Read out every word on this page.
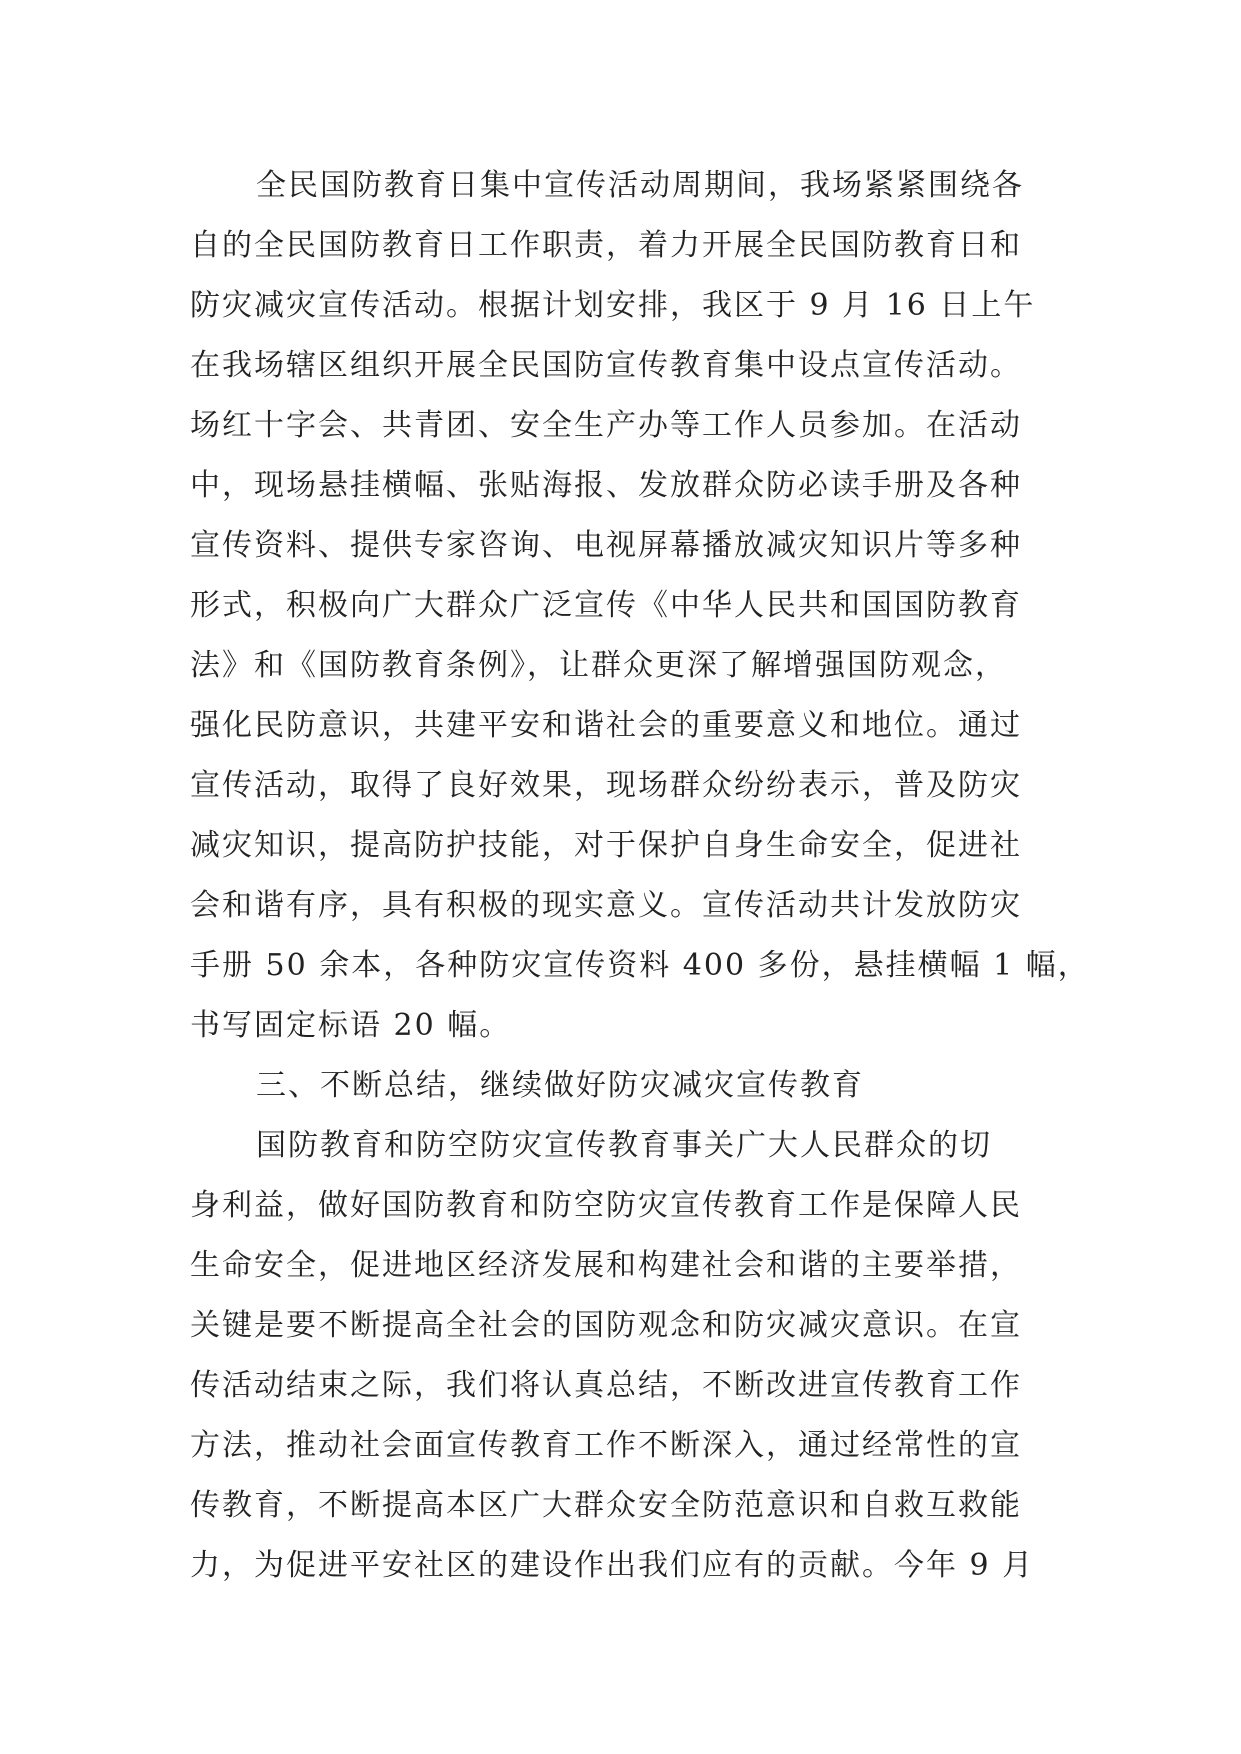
全民国防教育日集中宣传活动周期间，我场紧紧围绕各
自的全民国防教育日工作职责，着力开展全民国防教育日和
防灾减灾宣传活动。根据计划安排，我区于 9 月 16 日上午
在我场辖区组织开展全民国防宣传教育集中设点宣传活动。
场红十字会、共青团、安全生产办等工作人员参加。在活动
中，现场悬挂横幅、张贴海报、发放群众防必读手册及各种
宣传资料、提供专家咨询、电视屏幕播放减灾知识片等多种
形式，积极向广大群众广泛宣传《中华人民共和国国防教育
法》和《国防教育条例》，让群众更深了解增强国防观念，
强化民防意识，共建平安和谐社会的重要意义和地位。通过
宣传活动，取得了良好效果，现场群众纷纷表示，普及防灾
减灾知识，提高防护技能，对于保护自身生命安全，促进社
会和谐有序，具有积极的现实意义。宣传活动共计发放防灾
手册 50 余本，各种防灾宣传资料 400 多份，悬挂横幅 1 幅，
书写固定标语 20 幅。
三、不断总结，继续做好防灾减灾宣传教育
国防教育和防空防灾宣传教育事关广大人民群众的切
身利益，做好国防教育和防空防灾宣传教育工作是保障人民
生命安全，促进地区经济发展和构建社会和谐的主要举措，
关键是要不断提高全社会的国防观念和防灾减灾意识。在宣
传活动结束之际，我们将认真总结，不断改进宣传教育工作
方法，推动社会面宣传教育工作不断深入，通过经常性的宣
传教育，不断提高本区广大群众安全防范意识和自救互救能
力，为促进平安社区的建设作出我们应有的贡献。今年 9 月
